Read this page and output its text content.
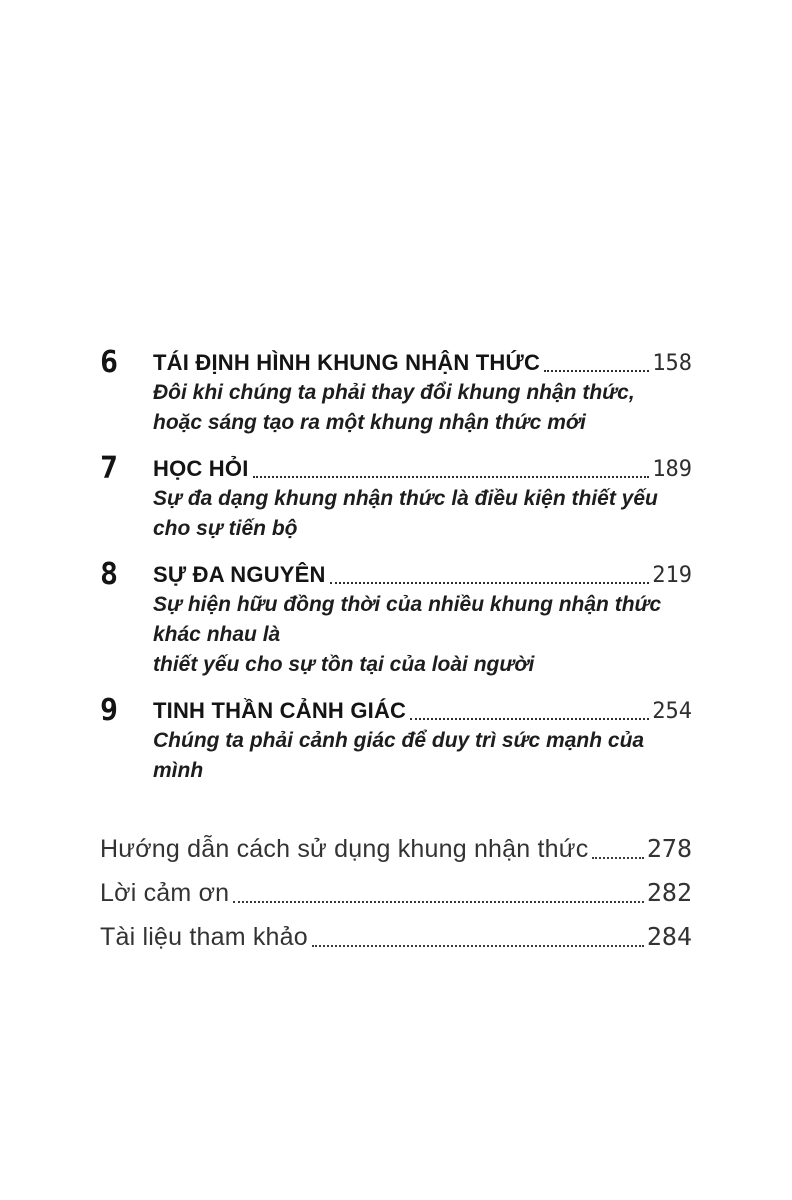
6	TÁI ĐỊNH HÌNH KHUNG NHẬN THỨC	158
Đôi khi chúng ta phải thay đổi khung nhận thức,
hoặc sáng tạo ra một khung nhận thức mới
7	HỌC HỎI	189
Sự đa dạng khung nhận thức là điều kiện thiết yếu cho sự tiến bộ
8	SỰ ĐA NGUYÊN	219
Sự hiện hữu đồng thời của nhiều khung nhận thức khác nhau là
thiết yếu cho sự tồn tại của loài người
9	TINH THẦN CẢNH GIÁC	254
Chúng ta phải cảnh giác để duy trì sức mạnh của mình
Hướng dẫn cách sử dụng khung nhận thức 278
Lời cảm ơn	282
Tài liệu tham khảo	284
